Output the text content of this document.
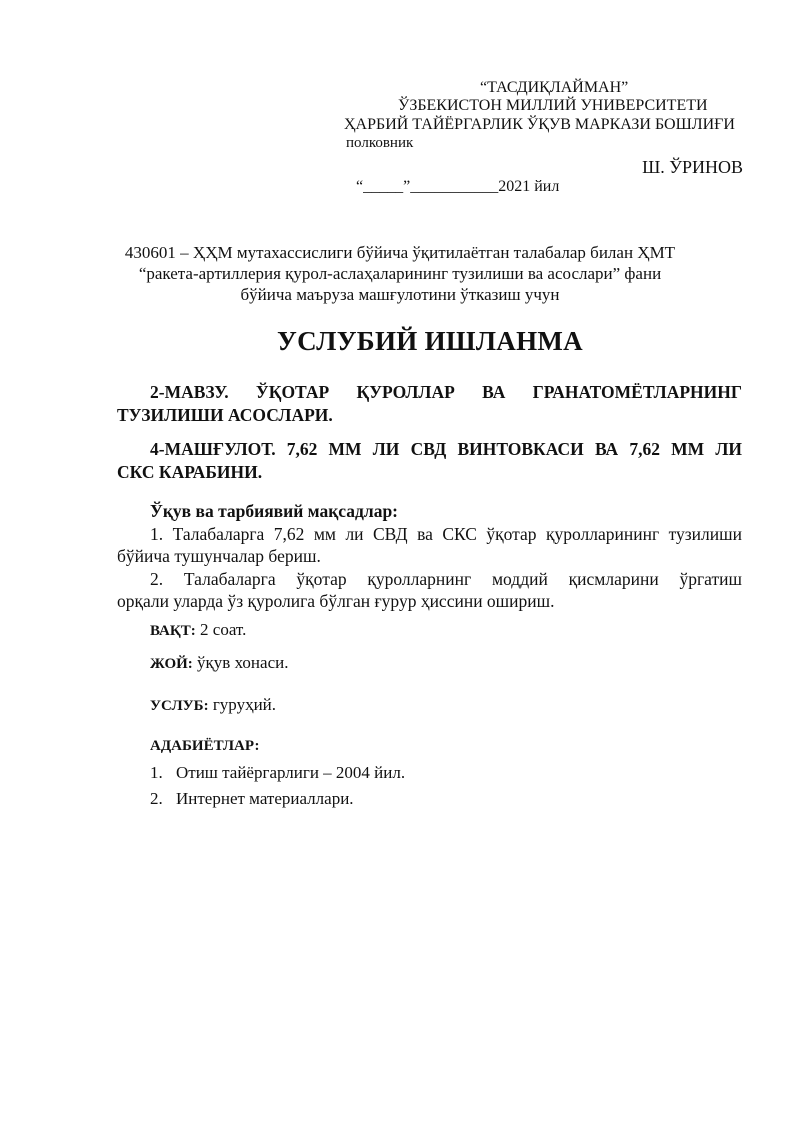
“ТАСДИҚЛАЙМАН”
ЎЗБЕКИСТОН МИЛЛИЙ УНИВЕРСИТЕТИ
ҲАРБИЙ ТАЙЁРГАРЛИК ЎҚУВ МАРКАЗИ БОШЛИҒИ
полковник
Ш. ЎРИНОВ
“_____”___________2021 йил
430601 – ҲҲМ мутахассислиги бўйича ўқитилаётган талабалар билан ҲМТ
“ракета-артиллерия қурол-аслаҳаларининг тузилиши ва асослари” фани
бўйича маъруза машғулотини ўтказиш учун
УСЛУБИЙ ИШЛАНМА
2-МАВЗУ. ЎҚОТАР ҚУРОЛЛАР ВА ГРАНАТОМЁТЛАРНИНГ
ТУЗИЛИШИ АСОСЛАРИ.
4-МАШҒУЛОТ. 7,62 ММ ЛИ СВД ВИНТОВКАСИ ВА 7,62 ММ ЛИ
СКС КАРАБИНИ.
Ўқув ва тарбиявий мақсадлар:
1. Талабаларга 7,62 мм ли СВД ва СКС ўқотар қуролларининг тузилиши
бўйича тушунчалар бериш.
2. Талабаларга ўқотар қуролларнинг моддий қисмларини ўргатиш
орқали уларда ўз қуролига бўлган ғурур ҳиссини ошириш.
ВАҚТ: 2 соат.
ЖОЙ: ўқув хонаси.
УСЛУБ: гуруҳий.
АДАБИЁТЛАР:
1. Отиш тайёргарлиги – 2004 йил.
2. Интернет материаллари.
